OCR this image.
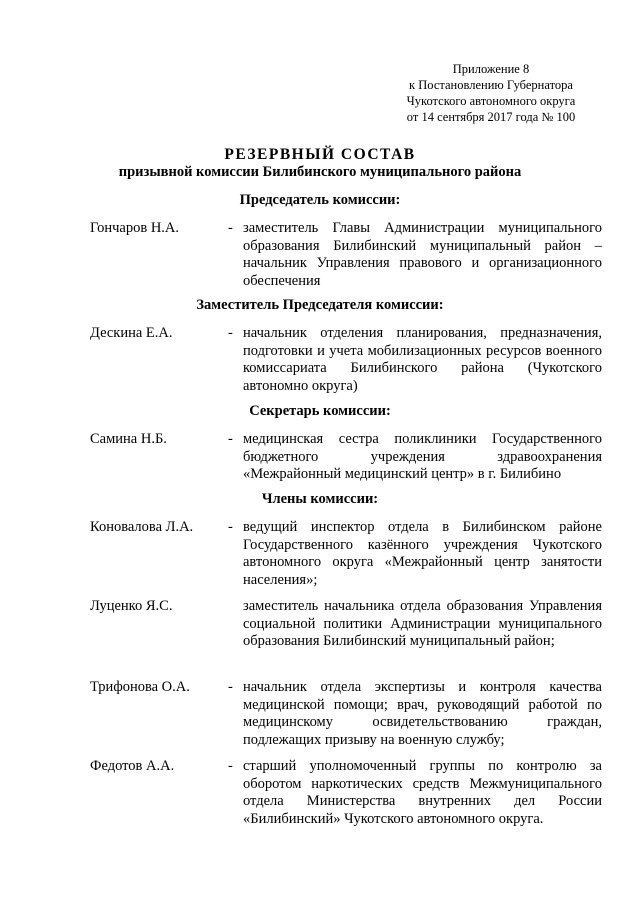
Приложение 8
к Постановлению Губернатора
Чукотского автономного округа
от 14 сентября 2017 года № 100
РЕЗЕРВНЫЙ СОСТАВ
призывной комиссии Билибинского муниципального района
Председатель комиссии:
Гончаров Н.А.	- заместитель Главы Администрации муниципального образования Билибинский муниципальный район – начальник Управления правового и организационного обеспечения
Заместитель Председателя комиссии:
Дескина Е.А.	- начальник отделения планирования, предназначения, подготовки и учета мобилизационных ресурсов военного комиссариата Билибинского района (Чукотского автономно округа)
Секретарь комиссии:
Самина Н.Б.	- медицинская сестра поликлиники Государственного бюджетного учреждения здравоохранения «Межрайонный медицинский центр» в г. Билибино
Члены комиссии:
Коновалова Л.А. - ведущий инспектор отдела в Билибинском районе Государственного казённого учреждения Чукотского автономного округа «Межрайонный центр занятости населения»;
Луценко Я.С.	заместитель начальника отдела образования Управления социальной политики Администрации муниципального образования Билибинский муниципальный район;
Трифонова О.А.	- начальник отдела экспертизы и контроля качества медицинской помощи; врач, руководящий работой по медицинскому освидетельствованию граждан, подлежащих призыву на военную службу;
Федотов А.А.	- старший уполномоченный группы по контролю за оборотом наркотических средств Межмуниципального отдела Министерства внутренних дел России «Билибинский» Чукотского автономного округа.
